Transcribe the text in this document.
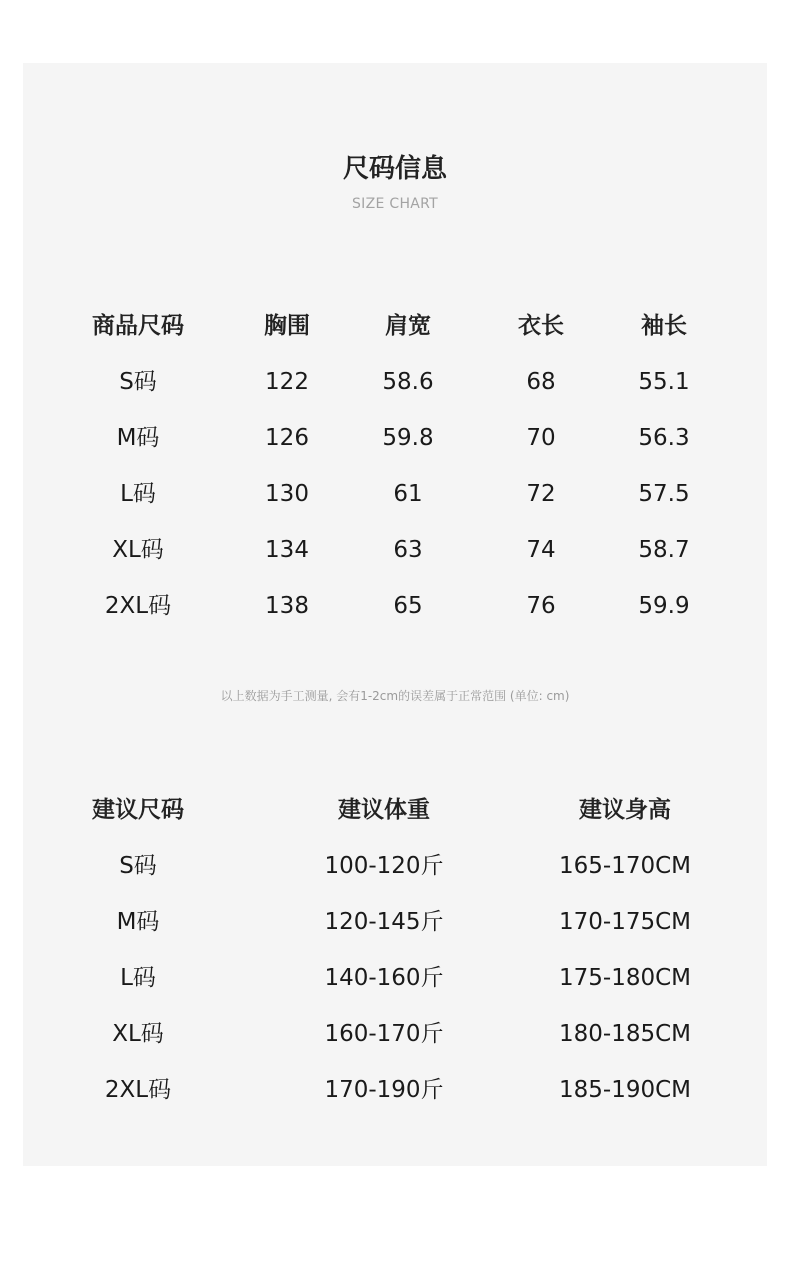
尺码信息
SIZE CHART
商品尺码	胸围	肩宽	衣长	袖长
S码	122	58.6	68	55.1
M码	126	59.8	70	56.3
L码	130	61	72	57.5
XL码	134	63	74	58.7
2XL码	138	65	76	59.9
以上数据为手工测量, 会有1-2cm的误差属于正常范围 (单位: cm)
建议尺码	建议体重	建议身高
S码	100-120斤	165-170CM
M码	120-145斤	170-175CM
L码	140-160斤	175-180CM
XL码	160-170斤	180-185CM
2XL码	170-190斤	185-190CM
